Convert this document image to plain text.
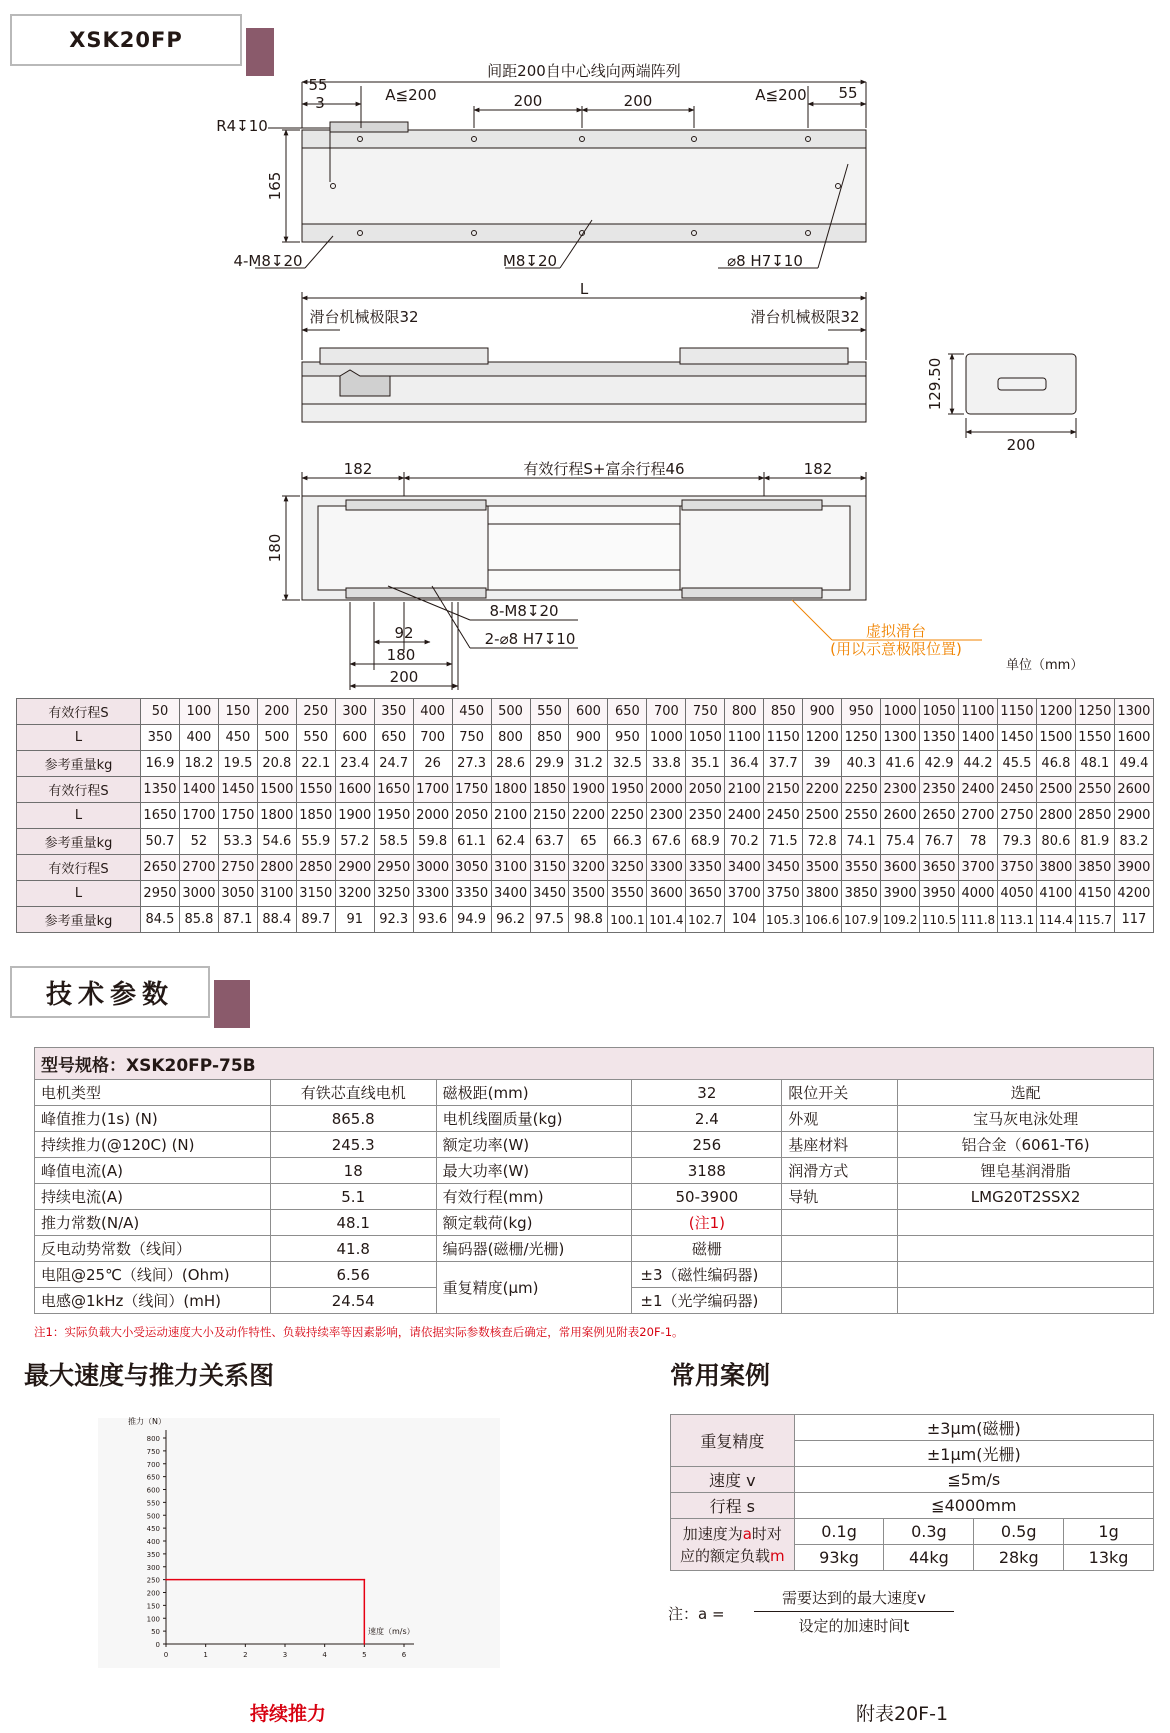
XSK20FP
间距200自中心线向两端阵列
55
3	A≦200	200	200	A≦200 55
R4↧10
165
4-M8↧20	M8↧20	⌀8 H7↧10
L
滑台机械极限32	滑台机械极限32
129.50
200
182	有效行程S+富余行程46	182
180
8-M8↧20
2-⌀8 H7↧10
92
180
200
虚拟滑台
(用以示意极限位置)
单位（mm）
有效行程S	50	100	150	200	250	300	350	400	450	500	550	600	650	700	750	800	850	900	950	1000	1050	1100	1150	1200	1250	1300
L	350	400	450	500	550	600	650	700	750	800	850	900	950	1000	1050	1100	1150	1200	1250	1300	1350	1400	1450	1500	1550	1600
参考重量kg	16.9	18.2	19.5	20.8	22.1	23.4	24.7	26	27.3	28.6	29.9	31.2	32.5	33.8	35.1	36.4	37.7	39	40.3	41.6	42.9	44.2	45.5	46.8	48.1	49.4
有效行程S	1350	1400	1450	1500	1550	1600	1650	1700	1750	1800	1850	1900	1950	2000	2050	2100	2150	2200	2250	2300	2350	2400	2450	2500	2550	2600
L	1650	1700	1750	1800	1850	1900	1950	2000	2050	2100	2150	2200	2250	2300	2350	2400	2450	2500	2550	2600	2650	2700	2750	2800	2850	2900
参考重量kg	50.7	52	53.3	54.6	55.9	57.2	58.5	59.8	61.1	62.4	63.7	65	66.3	67.6	68.9	70.2	71.5	72.8	74.1	75.4	76.7	78	79.3	80.6	81.9	83.2
有效行程S	2650	2700	2750	2800	2850	2900	2950	3000	3050	3100	3150	3200	3250	3300	3350	3400	3450	3500	3550	3600	3650	3700	3750	3800	3850	3900
L	2950	3000	3050	3100	3150	3200	3250	3300	3350	3400	3450	3500	3550	3600	3650	3700	3750	3800	3850	3900	3950	4000	4050	4100	4150	4200
参考重量kg	84.5	85.8	87.1	88.4	89.7	91	92.3	93.6	94.9	96.2	97.5	98.8	100.1	101.4	102.7	104	105.3	106.6	107.9	109.2	110.5	111.8	113.1	114.4	115.7	117
技术参数
型号规格：XSK20FP-75B					
电机类型	有铁芯直线电机	磁极距(mm)	32	限位开关	选配
峰值推力(1s) (N)	865.8	电机线圈质量(kg)	2.4	外观	宝马灰电泳处理
持续推力(@120C) (N)	245.3	额定功率(W)	256	基座材料	铝合金（6061-T6)
峰值电流(A)	18	最大功率(W)	3188	润滑方式	锂皂基润滑脂
持续电流(A)	5.1	有效行程(mm)	50-3900	导轨	LMG20T2SSX2
推力常数(N/A)	48.1	额定载荷(kg)	(注1)		
反电动势常数（线间）	41.8	编码器(磁栅/光栅)	磁栅		
电阻@25℃（线间）(Ohm)	6.56	重复精度(μm)	±3（磁性编码器)		
电感@1kHz（线间）(mH)	24.54		±1（光学编码器)		
注1：实际负载大小受运动速度大小及动作特性、负载持续率等因素影响，请依据实际参数核查后确定，常用案例见附表20F-1。
最大速度与推力关系图
0
50
100
150
200
250
300
350
400
450
500
550
600
650
700
750
800
0	1	2	3	4	5	6
推力（N）
速度（m/s）
持续推力
常用案例
重复精度	±3μm(磁栅)			
	±1μm(光栅)			
速度 v	≦5m/s			
行程 s	≦4000mm			
加速度为a时对
应的额定负载m	0.1g	0.3g	0.5g	1g
	93kg	44kg	28kg	13kg
注：a =
需要达到的最大速度v
设定的加速时间t
附表20F-1
